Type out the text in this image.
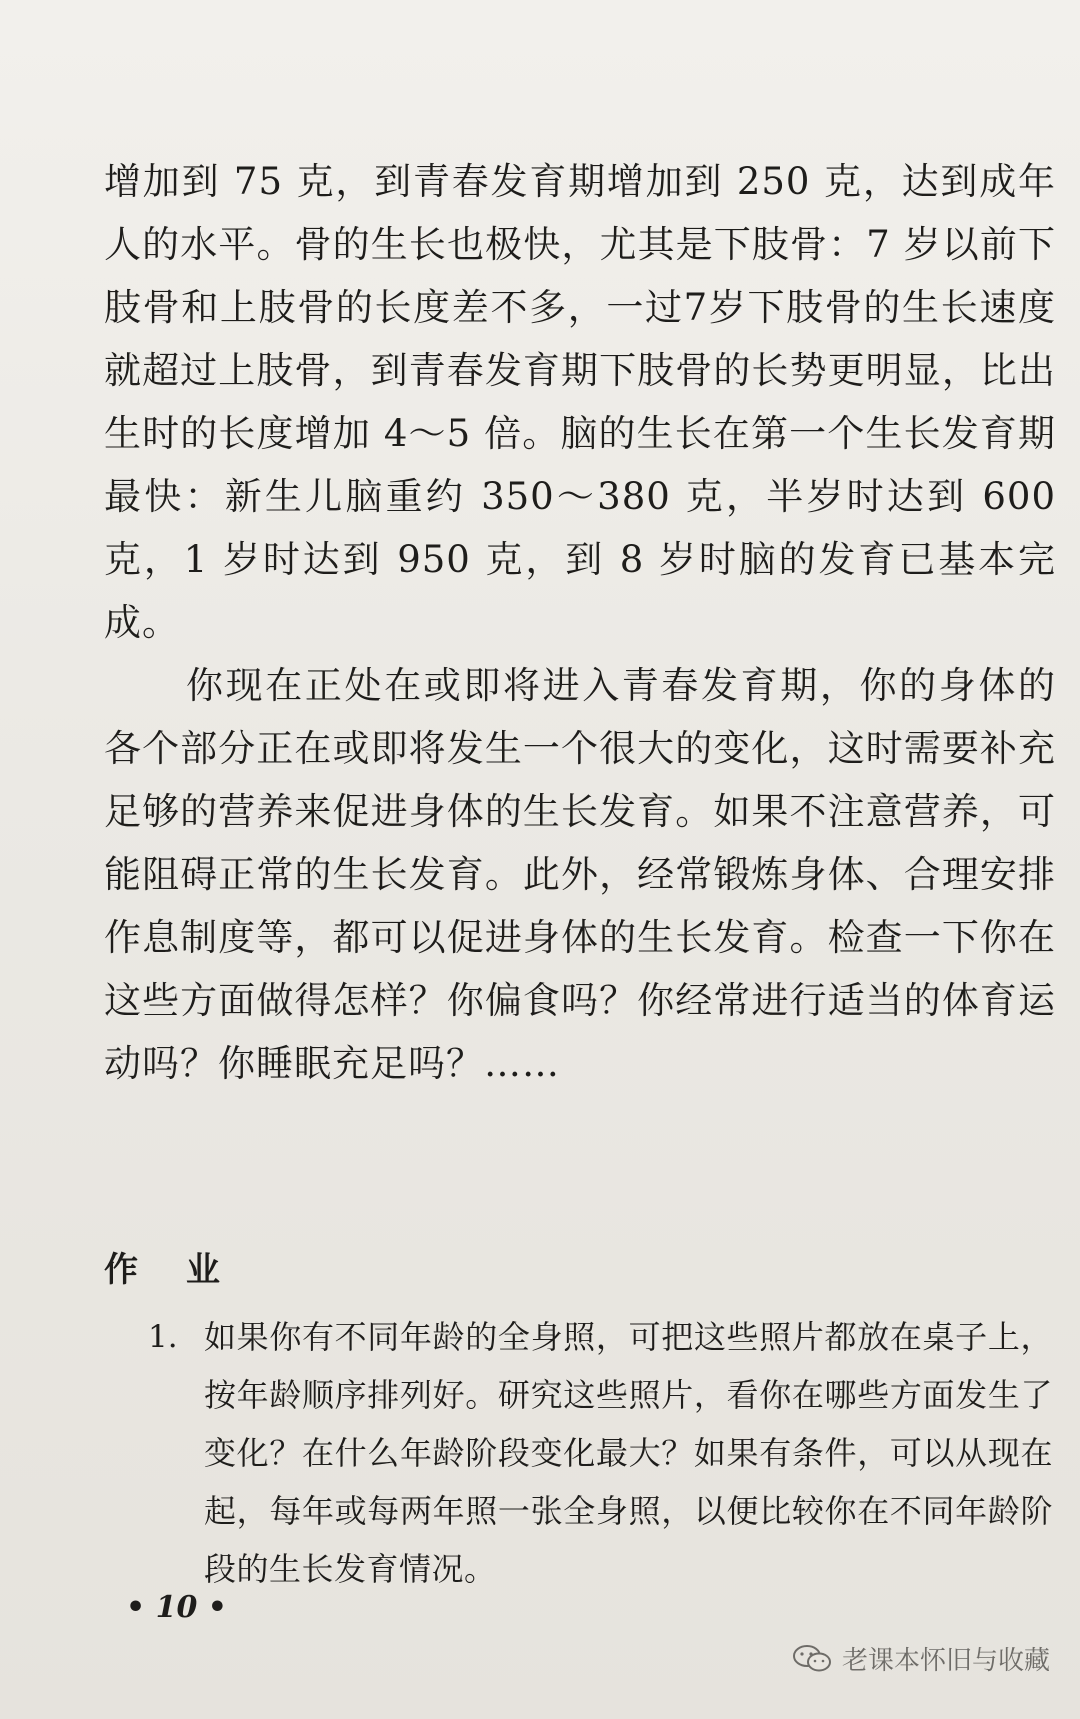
增加到 75 克，到青春发育期增加到 250 克，达到成年人的水平。骨的生长也极快，尤其是下肢骨：7 岁以前下肢骨和上肢骨的长度差不多，一过7岁下肢骨的生长速度就超过上肢骨，到青春发育期下肢骨的长势更明显，比出生时的长度增加 4～5 倍。脑的生长在第一个生长发育期最快：新生儿脑重约 350～380 克，半岁时达到 600 克，1 岁时达到 950 克，到 8 岁时脑的发育已基本完成。

你现在正处在或即将进入青春发育期，你的身体的各个部分正在或即将发生一个很大的变化，这时需要补充足够的营养来促进身体的生长发育。如果不注意营养，可能阻碍正常的生长发育。此外，经常锻炼身体、合理安排作息制度等，都可以促进身体的生长发育。检查一下你在这些方面做得怎样？你偏食吗？你经常进行适当的体育运动吗？你睡眠充足吗？……

作 业
1. 如果你有不同年龄的全身照，可把这些照片都放在桌子上，按年龄顺序排列好。研究这些照片，看你在哪些方面发生了变化？在什么年龄阶段变化最大？如果有条件，可以从现在起，每年或每两年照一张全身照，以便比较你在不同年龄阶段的生长发育情况。
• 10 •
老课本怀旧与收藏
